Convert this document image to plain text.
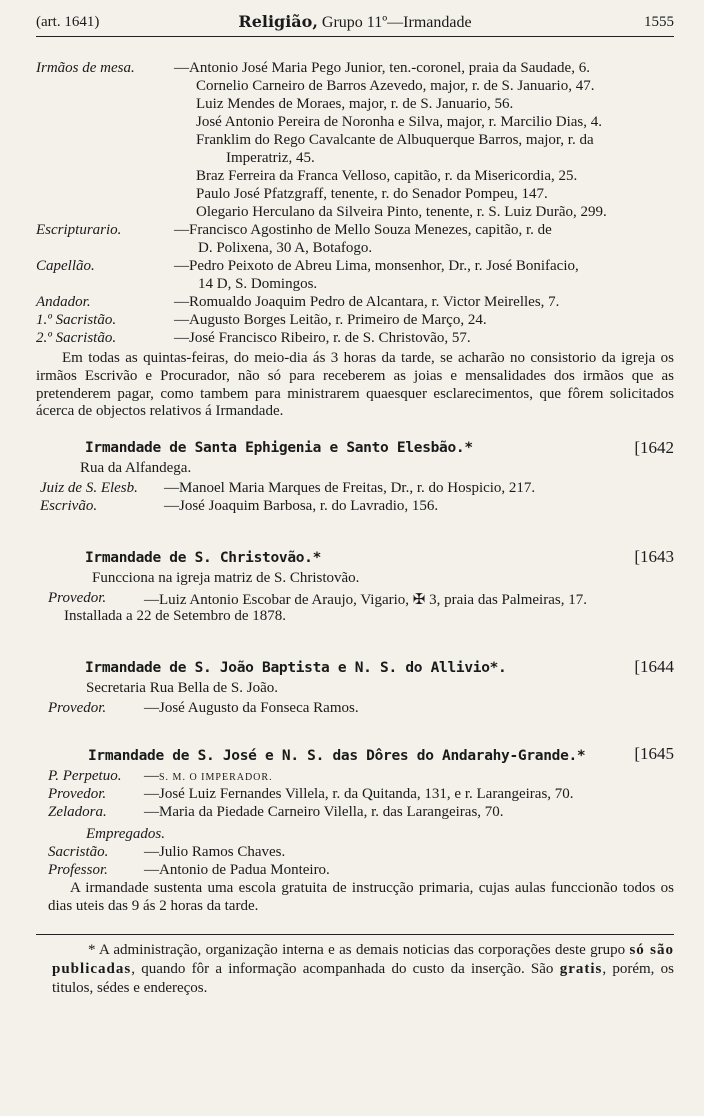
(art. 1641)	Religião, Grupo 11º—Irmandade	1555
Irmãos de mesa.	—Antonio José Maria Pego Junior, ten.-coronel, praia da Saudade, 6.
Cornelio Carneiro de Barros Azevedo, major, r. de S. Januario, 47.
Luiz Mendes de Moraes, major, r. de S. Januario, 56.
José Antonio Pereira de Noronha e Silva, major, r. Marcilio Dias, 4.
Franklim do Rego Cavalcante de Albuquerque Barros, major, r. da
Imperatriz, 45.
Braz Ferreira da Franca Velloso, capitão, r. da Misericordia, 25.
Paulo José Pfatzgraff, tenente, r. do Senador Pompeu, 147.
Olegario Herculano da Silveira Pinto, tenente, r. S. Luiz Durão, 299.
Escripturario.	—Francisco Agostinho de Mello Souza Menezes, capitão, r. de
D. Polixena, 30 A, Botafogo.
Capellão.	—Pedro Peixoto de Abreu Lima, monsenhor, Dr., r. José Bonifacio,
14 D, S. Domingos.
Andador.	—Romualdo Joaquim Pedro de Alcantara, r. Victor Meirelles, 7.
1.º Sacristão.	—Augusto Borges Leitão, r. Primeiro de Março, 24.
2.º Sacristão.	—José Francisco Ribeiro, r. de S. Christovão, 57.
Em todas as quintas-feiras, do meio-dia ás 3 horas da tarde, se acharão no consistorio da igreja os irmãos Escrivão e Procurador, não só para receberem as joias e mensalidades dos irmãos que as pretenderem pagar, como tambem para ministrarem quaesquer esclarecimentos, que fôrem solicitados ácerca de objectos relativos á Irmandade.
Irmandade de Santa Ephigenia e Santo Elesbão.*	[1642
Rua da Alfandega.
Juiz de S. Elesb. —Manoel Maria Marques de Freitas, Dr., r. do Hospicio, 217.
Escrivão.	—José Joaquim Barbosa, r. do Lavradio, 156.
Irmandade de S. Christovão.*	[1643
Funcciona na igreja matriz de S. Christovão.
Provedor.	—Luiz Antonio Escobar de Araujo, Vigario, ✠ 3, praia das Palmeiras, 17.
Installada a 22 de Setembro de 1878.
Irmandade de S. João Baptista e N. S. do Allivio*.	[1644
Secretaria Rua Bella de S. João.
Provedor.	—José Augusto da Fonseca Ramos.
Irmandade de S. José e N. S. das Dôres do Andarahy-Grande.*	[1645
P. Perpetuo. —S. M. O IMPERADOR.
Provedor.	—José Luiz Fernandes Villela, r. da Quitanda, 131, e r. Larangeiras, 70.
Zeladora. —Maria da Piedade Carneiro Vilella, r. das Larangeiras, 70.
Empregados.
Sacristão. —Julio Ramos Chaves.
Professor. —Antonio de Padua Monteiro.
A irmandade sustenta uma escola gratuita de instrucção primaria, cujas aulas funccionão todos os dias uteis das 9 ás 2 horas da tarde.
* A administração, organização interna e as demais noticias das corporações deste grupo só são publicadas, quando fôr a informação acompanhada do custo da inserção. São gratis, porém, os titulos, sédes e endereços.
